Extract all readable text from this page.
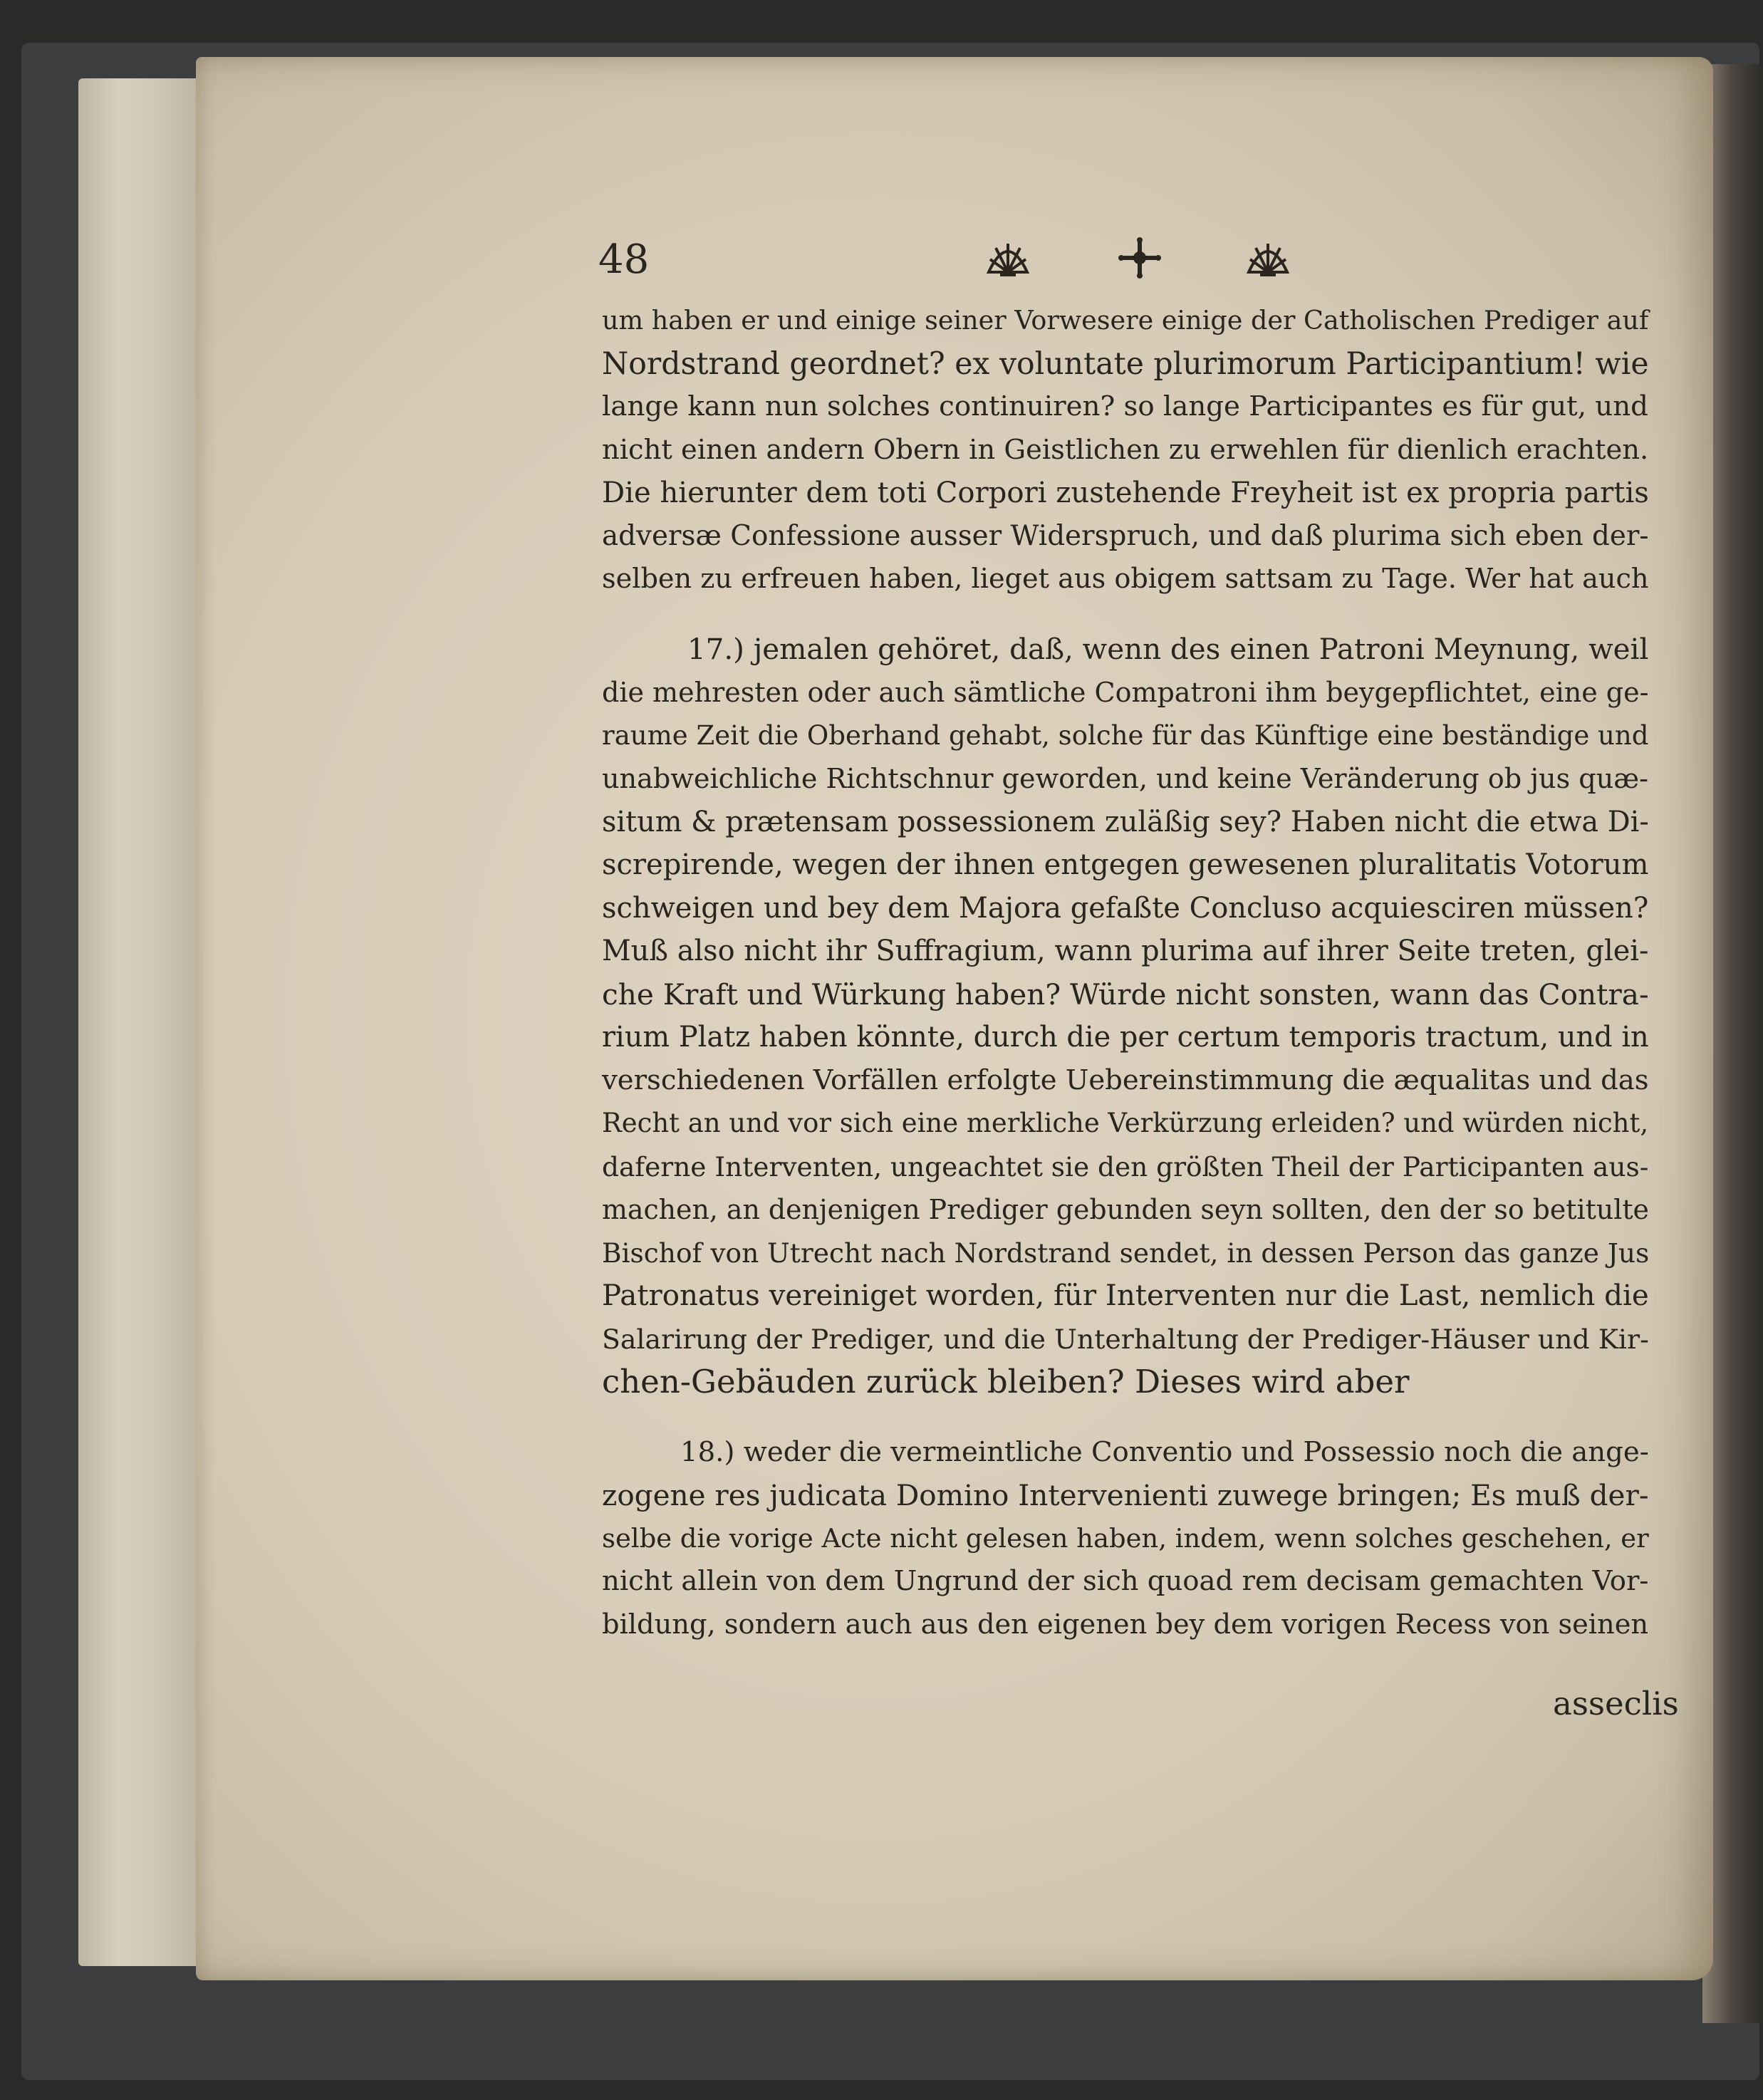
48
um haben er und einige seiner Vorwesere einige der Catholischen Prediger auf
Nordstrand geordnet? ex voluntate plurimorum Participantium! wie
lange kann nun solches continuiren? so lange Participantes es für gut, und
nicht einen andern Obern in Geistlichen zu erwehlen für dienlich erachten.
Die hierunter dem toti Corpori zustehende Freyheit ist ex propria partis
adversæ Confessione ausser Widerspruch, und daß plurima sich eben der-
selben zu erfreuen haben, lieget aus obigem sattsam zu Tage. Wer hat auch
17.) jemalen gehöret, daß, wenn des einen Patroni Meynung, weil
die mehresten oder auch sämtliche Compatroni ihm beygepflichtet, eine ge-
raume Zeit die Oberhand gehabt, solche für das Künftige eine beständige und
unabweichliche Richtschnur geworden, und keine Veränderung ob jus quæ-
situm & prætensam possessionem zuläßig sey? Haben nicht die etwa Di-
screpirende, wegen der ihnen entgegen gewesenen pluralitatis Votorum
schweigen und bey dem Majora gefaßte Concluso acquiesciren müssen?
Muß also nicht ihr Suffragium, wann plurima auf ihrer Seite treten, glei-
che Kraft und Würkung haben? Würde nicht sonsten, wann das Contra-
rium Platz haben könnte, durch die per certum temporis tractum, und in
verschiedenen Vorfällen erfolgte Uebereinstimmung die æqualitas und das
Recht an und vor sich eine merkliche Verkürzung erleiden? und würden nicht,
daferne Interventen, ungeachtet sie den größten Theil der Participanten aus-
machen, an denjenigen Prediger gebunden seyn sollten, den der so betitulte
Bischof von Utrecht nach Nordstrand sendet, in dessen Person das ganze Jus
Patronatus vereiniget worden, für Interventen nur die Last, nemlich die
Salarirung der Prediger, und die Unterhaltung der Prediger-Häuser und Kir-
chen-Gebäuden zurück bleiben? Dieses wird aber
18.) weder die vermeintliche Conventio und Possessio noch die ange-
zogene res judicata Domino Intervenienti zuwege bringen; Es muß der-
selbe die vorige Acte nicht gelesen haben, indem, wenn solches geschehen, er
nicht allein von dem Ungrund der sich quoad rem decisam gemachten Vor-
bildung, sondern auch aus den eigenen bey dem vorigen Recess von seinen
asseclis
